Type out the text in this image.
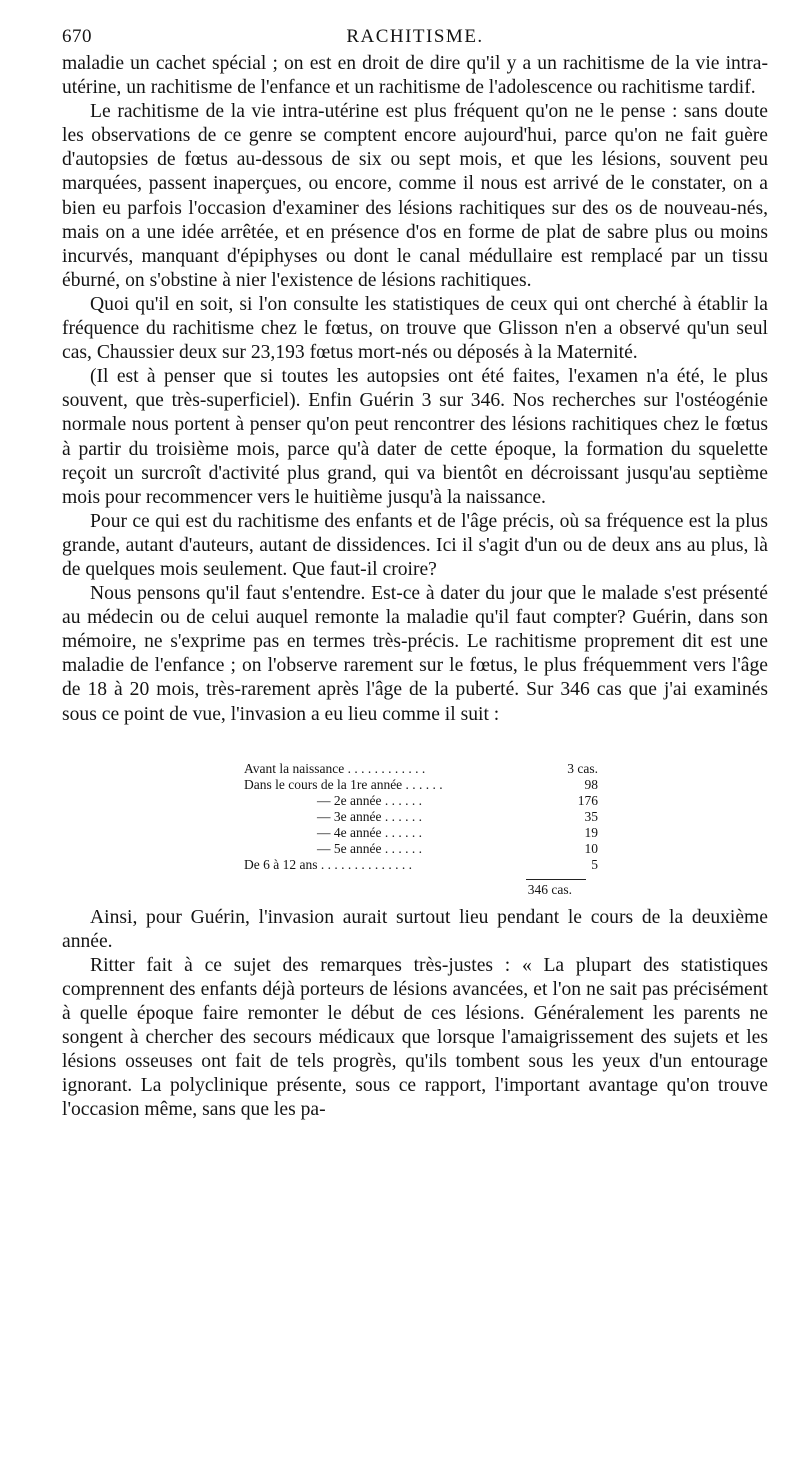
670	RACHITISME.

maladie un cachet spécial ; on est en droit de dire qu'il y a un rachitisme de la vie intra-utérine, un rachitisme de l'enfance et un rachitisme de l'adolescence ou rachitisme tardif.

Le rachitisme de la vie intra-utérine est plus fréquent qu'on ne le pense : sans doute les observations de ce genre se comptent encore aujourd'hui, parce qu'on ne fait guère d'autopsies de fœtus au-dessous de six ou sept mois, et que les lésions, souvent peu marquées, passent inaperçues, ou encore, comme il nous est arrivé de le constater, on a bien eu parfois l'occasion d'examiner des lésions rachitiques sur des os de nouveau-nés, mais on a une idée arrêtée, et en présence d'os en forme de plat de sabre plus ou moins incurvés, manquant d'épiphyses ou dont le canal médullaire est remplacé par un tissu éburné, on s'obstine à nier l'existence de lésions rachitiques.

Quoi qu'il en soit, si l'on consulte les statistiques de ceux qui ont cherché à établir la fréquence du rachitisme chez le fœtus, on trouve que Glisson n'en a observé qu'un seul cas, Chaussier deux sur 23,193 fœtus mort-nés ou déposés à la Maternité.

(Il est à penser que si toutes les autopsies ont été faites, l'examen n'a été, le plus souvent, que très-superficiel). Enfin Guérin 3 sur 346. Nos recherches sur l'ostéogénie normale nous portent à penser qu'on peut rencontrer des lésions rachitiques chez le fœtus à partir du troisième mois, parce qu'à dater de cette époque, la formation du squelette reçoit un surcroît d'activité plus grand, qui va bientôt en décroissant jusqu'au septième mois pour recommencer vers le huitième jusqu'à la naissance.

Pour ce qui est du rachitisme des enfants et de l'âge précis, où sa fréquence est la plus grande, autant d'auteurs, autant de dissidences. Ici il s'agit d'un ou de deux ans au plus, là de quelques mois seulement. Que faut-il croire?

Nous pensons qu'il faut s'entendre. Est-ce à dater du jour que le malade s'est présenté au médecin ou de celui auquel remonte la maladie qu'il faut compter? Guérin, dans son mémoire, ne s'exprime pas en termes très-précis. Le rachitisme proprement dit est une maladie de l'enfance ; on l'observe rarement sur le fœtus, le plus fréquemment vers l'âge de 18 à 20 mois, très-rarement après l'âge de la puberté. Sur 346 cas que j'ai examinés sous ce point de vue, l'invasion a eu lieu comme il suit :

Avant la naissance . . . . . . . . . . . .	3 cas.
Dans le cours de la 1re année . . . . . .	98
— 2e année . . . . . .	176
— 3e année . . . . . .	35
— 4e année . . . . . .	19
— 5e année . . . . . .	10
De 6 à 12 ans . . . . . . . . . . . . . .	5
346 cas.

Ainsi, pour Guérin, l'invasion aurait surtout lieu pendant le cours de la deuxième année.

Ritter fait à ce sujet des remarques très-justes : « La plupart des statistiques comprennent des enfants déjà porteurs de lésions avancées, et l'on ne sait pas précisément à quelle époque faire remonter le début de ces lésions. Généralement les parents ne songent à chercher des secours médicaux que lorsque l'amaigrissement des sujets et les lésions osseuses ont fait de tels progrès, qu'ils tombent sous les yeux d'un entourage ignorant. La polyclinique présente, sous ce rapport, l'important avantage qu'on trouve l'occasion même, sans que les pa-
